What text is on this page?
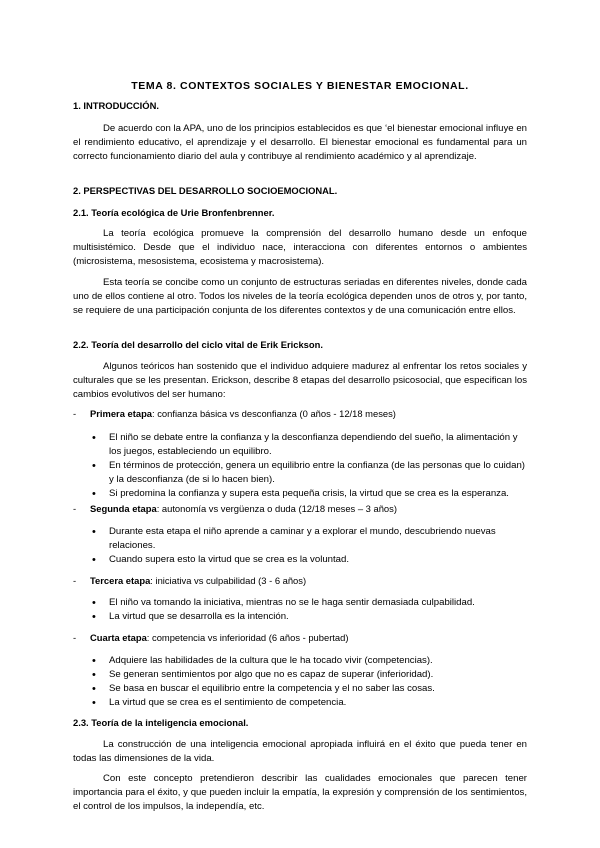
TEMA 8. CONTEXTOS SOCIALES Y BIENESTAR EMOCIONAL.
1. INTRODUCCIÓN.

De acuerdo con la APA, uno de los principios establecidos es que ‘el bienestar emocional influye en el rendimiento educativo, el aprendizaje y el desarrollo. El bienestar emocional es fundamental para un correcto funcionamiento diario del aula y contribuye al rendimiento académico y al aprendizaje.

2. PERSPECTIVAS DEL DESARROLLO SOCIOEMOCIONAL.
2.1. Teoría ecológica de Urie Bronfenbrenner.

La teoría ecológica promueve la comprensión del desarrollo humano desde un enfoque multisistémico. Desde que el individuo nace, interacciona con diferentes entornos o ambientes (microsistema, mesosistema, ecosistema y macrosistema).

Esta teoría se concibe como un conjunto de estructuras seriadas en diferentes niveles, donde cada uno de ellos contiene al otro. Todos los niveles de la teoría ecológica dependen unos de otros y, por tanto, se requiere de una participación conjunta de los diferentes contextos y de una comunicación entre ellos.

2.2. Teoría del desarrollo del ciclo vital de Erik Erickson.

Algunos teóricos han sostenido que el individuo adquiere madurez al enfrentar los retos sociales y culturales que se les presentan. Erickson, describe 8 etapas del desarrollo psicosocial, que especifican los cambios evolutivos del ser humano:

- Primera etapa: confianza básica vs desconfianza (0 años - 12/18 meses)
• El niño se debate entre la confianza y la desconfianza dependiendo del sueño, la alimentación y los juegos, estableciendo un equilibro.
• En términos de protección, genera un equilibrio entre la confianza (de las personas que lo cuidan) y la desconfianza (de si lo hacen bien).
• Si predomina la confianza y supera esta pequeña crisis, la virtud que se crea es la esperanza.
- Segunda etapa: autonomía vs vergüenza o duda (12/18 meses – 3 años)
• Durante esta etapa el niño aprende a caminar y a explorar el mundo, descubriendo nuevas relaciones.
• Cuando supera esto la virtud que se crea es la voluntad.
- Tercera etapa: iniciativa vs culpabilidad (3 - 6 años)
• El niño va tomando la iniciativa, mientras no se le haga sentir demasiada culpabilidad.
• La virtud que se desarrolla es la intención.
- Cuarta etapa: competencia vs inferioridad (6 años - pubertad)
• Adquiere las habilidades de la cultura que le ha tocado vivir (competencias).
• Se generan sentimientos por algo que no es capaz de superar (inferioridad).
• Se basa en buscar el equilibrio entre la competencia y el no saber las cosas.
• La virtud que se crea es el sentimiento de competencia.
2.3. Teoría de la inteligencia emocional.

La construcción de una inteligencia emocional apropiada influirá en el éxito que pueda tener en todas las dimensiones de la vida.

Con este concepto pretendieron describir las cualidades emocionales que parecen tener importancia para el éxito, y que pueden incluir la empatía, la expresión y comprensión de los sentimientos, el control de los impulsos, la independía, etc.
